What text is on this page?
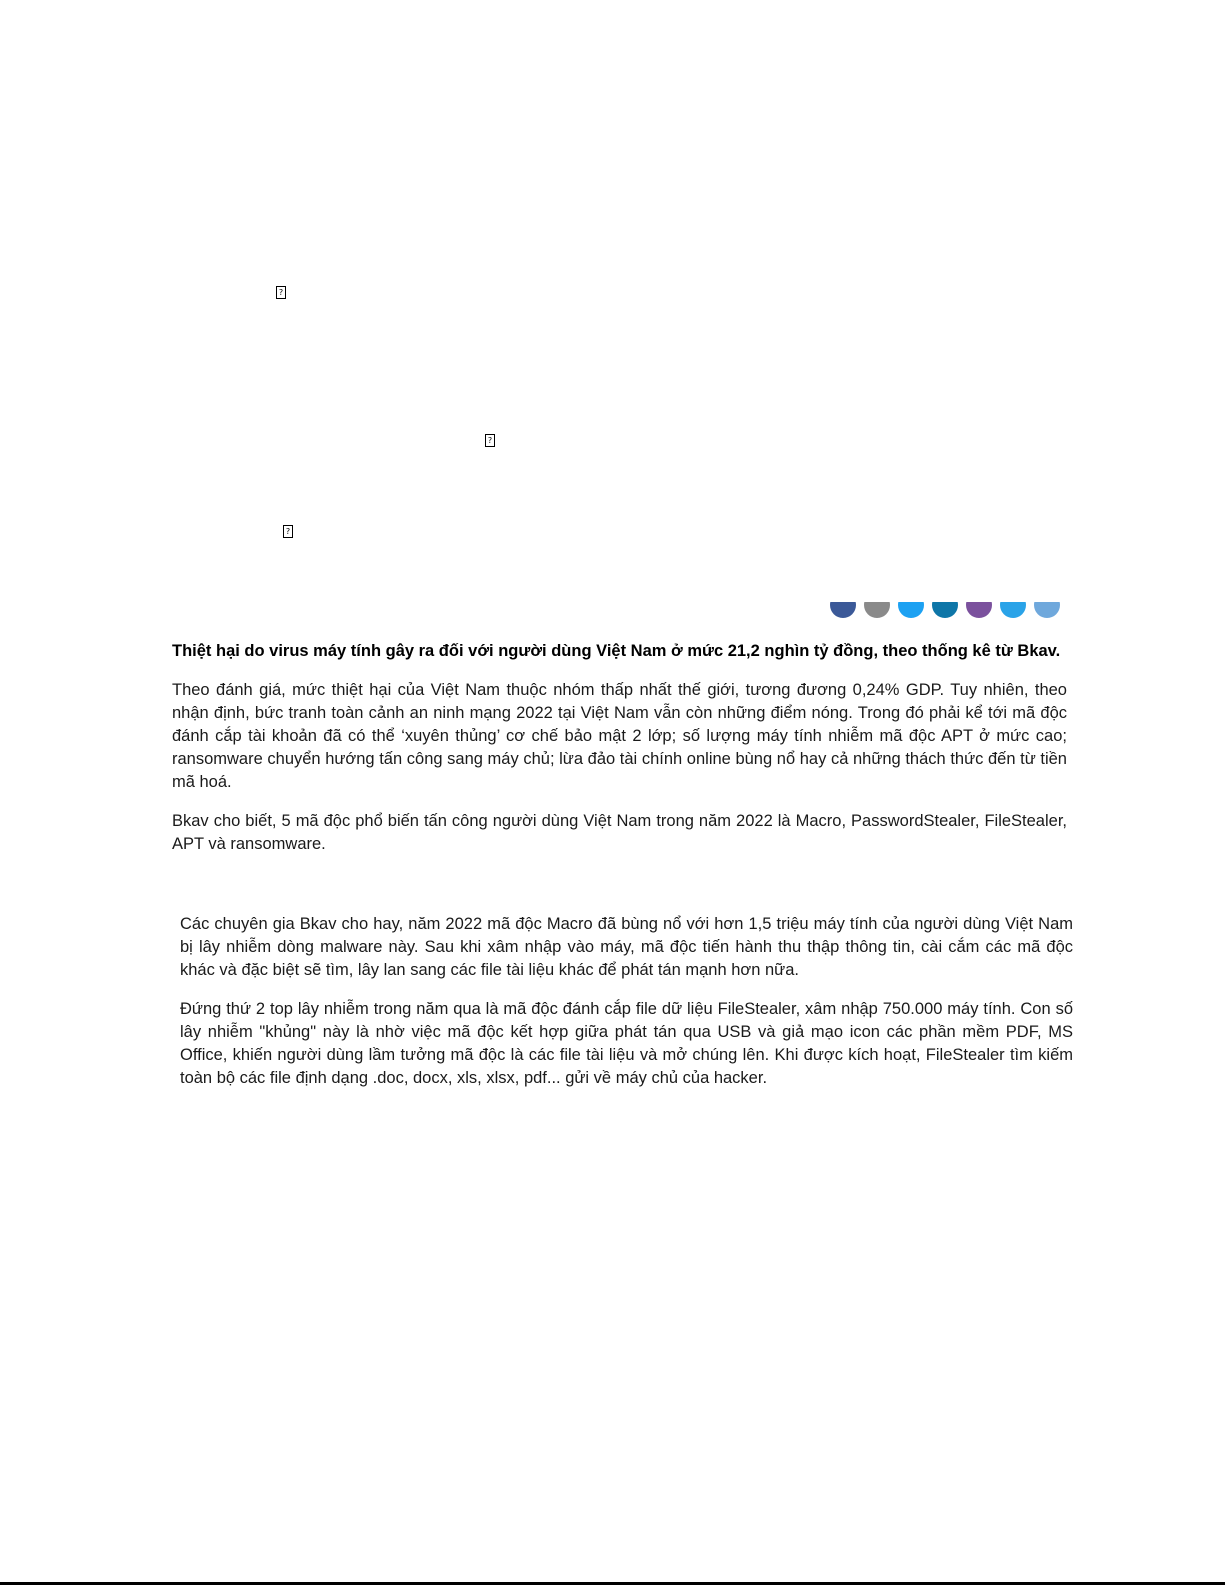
?
?
?

Thiệt hại do virus máy tính gây ra đối với người dùng Việt Nam ở mức 21,2 nghìn tỷ đồng, theo thống kê từ Bkav.

Theo đánh giá, mức thiệt hại của Việt Nam thuộc nhóm thấp nhất thế giới, tương đương 0,24% GDP. Tuy nhiên, theo nhận định, bức tranh toàn cảnh an ninh mạng 2022 tại Việt Nam vẫn còn những điểm nóng. Trong đó phải kể tới mã độc đánh cắp tài khoản đã có thể ‘xuyên thủng’ cơ chế bảo mật 2 lớp; số lượng máy tính nhiễm mã độc APT ở mức cao; ransomware chuyển hướng tấn công sang máy chủ; lừa đảo tài chính online bùng nổ hay cả những thách thức đến từ tiền mã hoá.

Bkav cho biết, 5 mã độc phổ biến tấn công người dùng Việt Nam trong năm 2022 là Macro, PasswordStealer, FileStealer, APT và ransomware.

Các chuyên gia Bkav cho hay, năm 2022 mã độc Macro đã bùng nổ với hơn 1,5 triệu máy tính của người dùng Việt Nam bị lây nhiễm dòng malware này. Sau khi xâm nhập vào máy, mã độc tiến hành thu thập thông tin, cài cắm các mã độc khác và đặc biệt sẽ tìm, lây lan sang các file tài liệu khác để phát tán mạnh hơn nữa.

Đứng thứ 2 top lây nhiễm trong năm qua là mã độc đánh cắp file dữ liệu FileStealer, xâm nhập 750.000 máy tính. Con số lây nhiễm "khủng" này là nhờ việc mã độc kết hợp giữa phát tán qua USB và giả mạo icon các phần mềm PDF, MS Office, khiến người dùng lầm tưởng mã độc là các file tài liệu và mở chúng lên. Khi được kích hoạt, FileStealer tìm kiếm toàn bộ các file định dạng .doc, docx, xls, xlsx, pdf... gửi về máy chủ của hacker.
